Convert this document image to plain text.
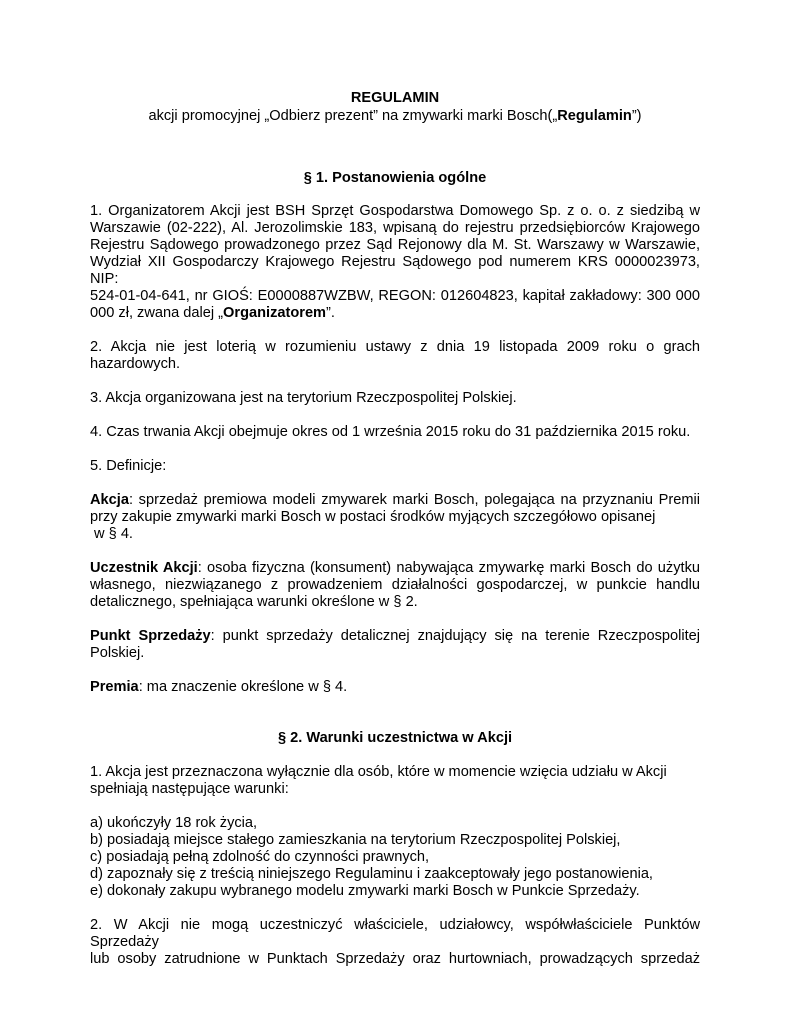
REGULAMIN

akcji promocyjnej „Odbierz prezent” na zmywarki marki Bosch(„Regulamin”)

§ 1. Postanowienia ogólne

1. Organizatorem Akcji jest BSH Sprzęt Gospodarstwa Domowego Sp. z o. o. z siedzibą w

Warszawie (02-222), Al. Jerozolimskie 183, wpisaną do rejestru przedsiębiorców Krajowego

Rejestru Sądowego prowadzonego przez Sąd Rejonowy dla M. St. Warszawy w Warszawie,

Wydział XII Gospodarczy Krajowego Rejestru Sądowego pod numerem KRS 0000023973, NIP:

524-01-04-641, nr GIOŚ: E0000887WZBW, REGON: 012604823, kapitał zakładowy: 300 000

000 zł, zwana dalej „Organizatorem”.

2. Akcja nie jest loterią w rozumieniu ustawy z dnia 19 listopada 2009 roku o grach

hazardowych.

3. Akcja organizowana jest na terytorium Rzeczpospolitej Polskiej.

4. Czas trwania Akcji obejmuje okres od 1 września 2015 roku do 31 października 2015 roku.

5. Definicje:

Akcja: sprzedaż premiowa modeli zmywarek marki Bosch, polegająca na przyznaniu Premii

przy zakupie zmywarki marki Bosch w postaci środków myjących szczegółowo opisanej

w § 4.

Uczestnik Akcji: osoba fizyczna (konsument) nabywająca zmywarkę marki Bosch do użytku

własnego, niezwiązanego z prowadzeniem działalności gospodarczej, w punkcie handlu

detalicznego, spełniająca warunki określone w § 2.

Punkt Sprzedaży: punkt sprzedaży detalicznej znajdujący się na terenie Rzeczpospolitej

Polskiej.

Premia: ma znaczenie określone w § 4.

§ 2. Warunki uczestnictwa w Akcji

1. Akcja jest przeznaczona wyłącznie dla osób, które w momencie wzięcia udziału w Akcji

spełniają następujące warunki:

a) ukończyły 18 rok życia,

b) posiadają miejsce stałego zamieszkania na terytorium Rzeczpospolitej Polskiej,

c) posiadają pełną zdolność do czynności prawnych,

d) zapoznały się z treścią niniejszego Regulaminu i zaakceptowały jego postanowienia,

e) dokonały zakupu wybranego modelu zmywarki marki Bosch w Punkcie Sprzedaży.

2. W Akcji nie mogą uczestniczyć właściciele, udziałowcy, współwłaściciele Punktów Sprzedaży

lub osoby zatrudnione w Punktach Sprzedaży oraz hurtowniach, prowadzących sprzedaż
